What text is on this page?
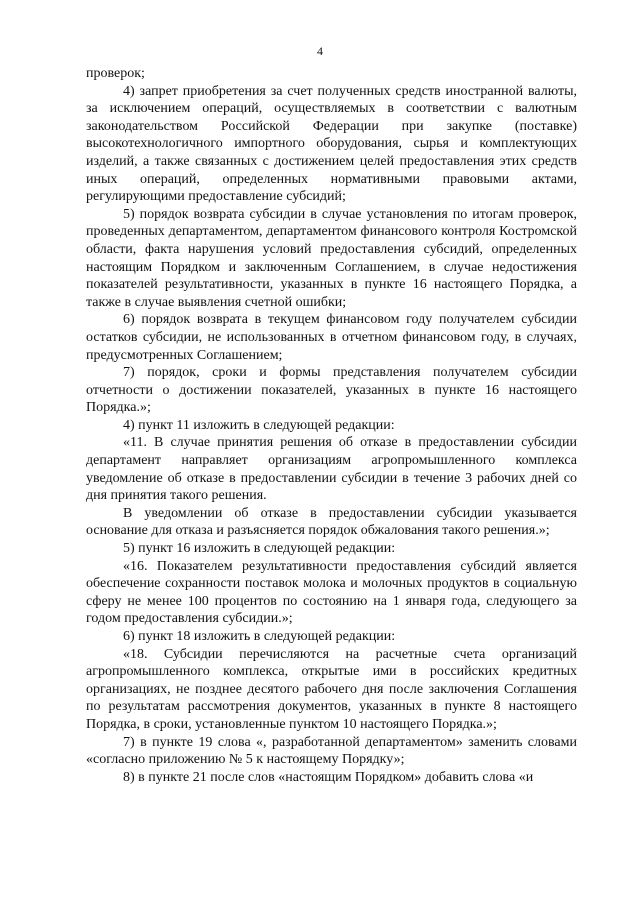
4

проверок;

4) запрет приобретения за счет полученных средств иностранной валюты, за исключением операций, осуществляемых в соответствии с валютным законодательством Российской Федерации при закупке (поставке) высокотехнологичного импортного оборудования, сырья и комплектующих изделий, а также связанных с достижением целей предоставления этих средств иных операций, определенных нормативными правовыми актами, регулирующими предоставление субсидий;

5) порядок возврата субсидии в случае установления по итогам проверок, проведенных департаментом, департаментом финансового контроля Костромской области, факта нарушения условий предоставления субсидий, определенных настоящим Порядком и заключенным Соглашением, в случае недостижения показателей результативности, указанных в пункте 16 настоящего Порядка, а также в случае выявления счетной ошибки;

6) порядок возврата в текущем финансовом году получателем субсидии остатков субсидии, не использованных в отчетном финансовом году, в случаях, предусмотренных Соглашением;

7) порядок, сроки и формы представления получателем субсидии отчетности о достижении показателей, указанных в пункте 16 настоящего Порядка.»;

4) пункт 11 изложить в следующей редакции:

«11. В случае принятия решения об отказе в предоставлении субсидии департамент направляет организациям агропромышленного комплекса уведомление об отказе в предоставлении субсидии в течение 3 рабочих дней со дня принятия такого решения.

В уведомлении об отказе в предоставлении субсидии указывается основание для отказа и разъясняется порядок обжалования такого решения.»;

5) пункт 16 изложить в следующей редакции:

«16. Показателем результативности предоставления субсидий является обеспечение сохранности поставок молока и молочных продуктов в социальную сферу не менее 100 процентов по состоянию на 1 января года, следующего за годом предоставления субсидии.»;

6) пункт 18 изложить в следующей редакции:

«18. Субсидии перечисляются на расчетные счета организаций агропромышленного комплекса, открытые ими в российских кредитных организациях, не позднее десятого рабочего дня после заключения Соглашения по результатам рассмотрения документов, указанных в пункте 8 настоящего Порядка, в сроки, установленные пунктом 10 настоящего Порядка.»;

7) в пункте 19 слова «, разработанной департаментом» заменить словами «согласно приложению № 5 к настоящему Порядку»;

8) в пункте 21 после слов «настоящим Порядком» добавить слова «и
